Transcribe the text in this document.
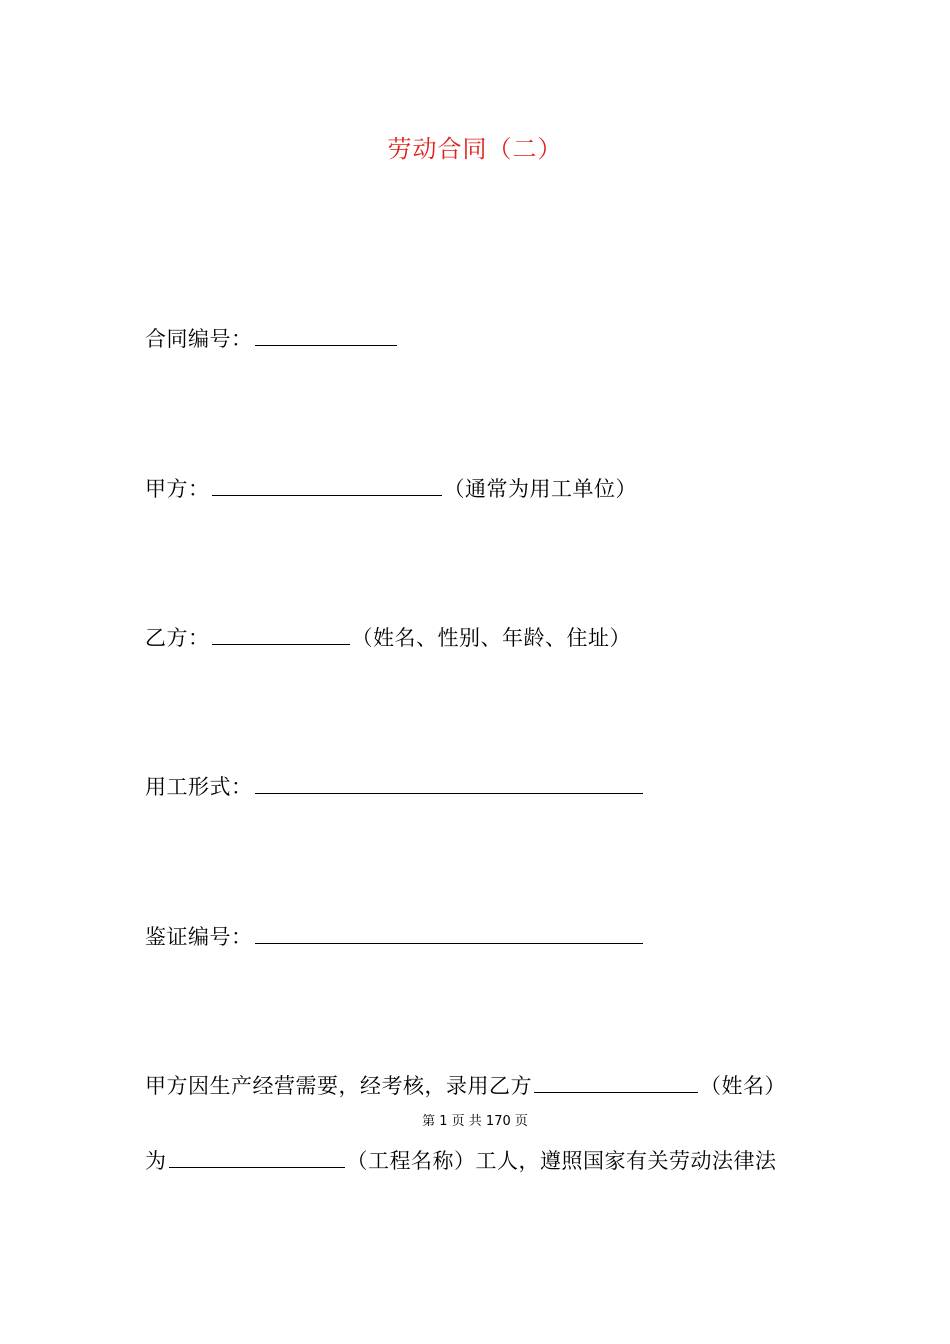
劳动合同（二）
合同编号：
甲方：	（通常为用工单位）
乙方：	（姓名、性别、年龄、住址）
用工形式：
鉴证编号：
甲方因生产经营需要，经考核，录用乙方	（姓名）
第 1 页 共 170 页
为	（工程名称）工人，遵照国家有关劳动法律法
